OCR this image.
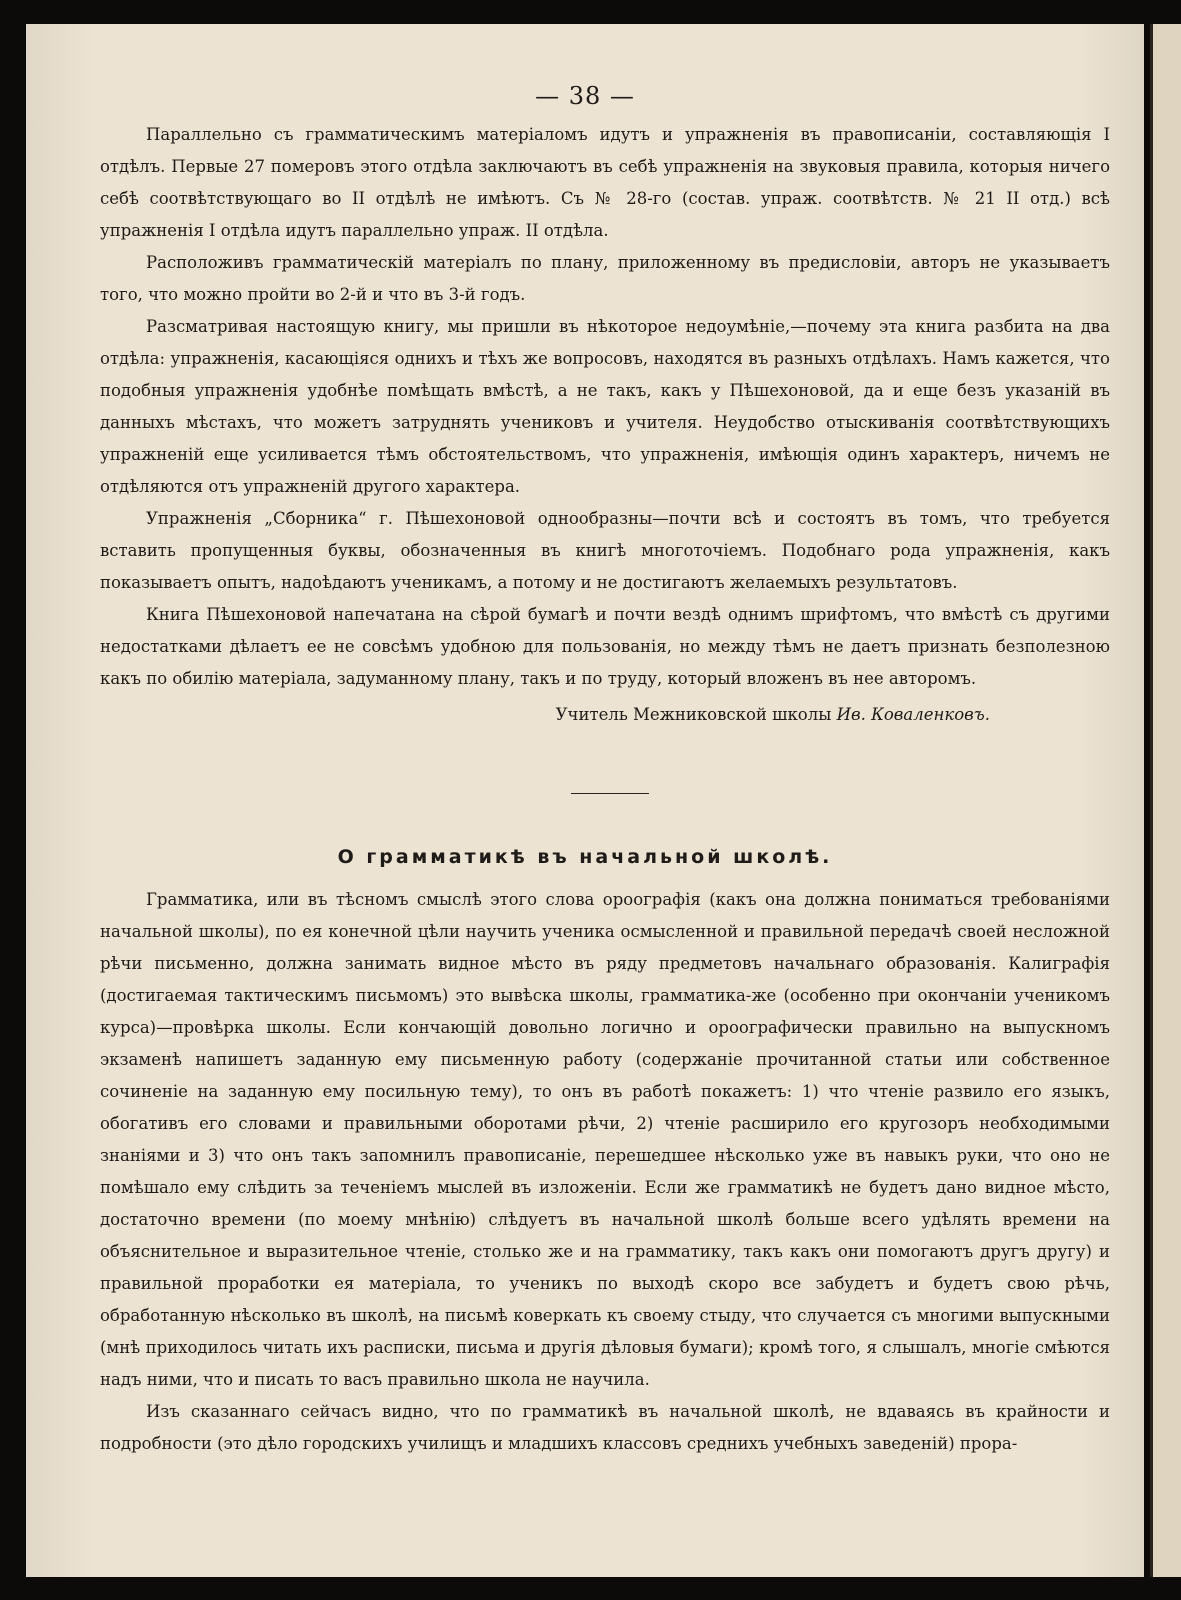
— 38 —

Параллельно съ грамматическимъ матеріаломъ идутъ и упражненія въ правописаніи, составляющія I отдѣлъ. Первые 27 померовъ этого отдѣла заключаютъ въ себѣ упражненія на звуковыя правила, которыя ничего себѣ соотвѣтствующаго во II отдѣлѣ не имѣютъ. Съ № 28-го (состав. упраж. соотвѣтств. № 21 II отд.) всѣ упражненія I отдѣла идутъ параллельно упраж. II отдѣла.

Расположивъ грамматическій матеріалъ по плану, приложенному въ предисловіи, авторъ не указываетъ того, что можно пройти во 2-й и что въ 3-й годъ.

Разсматривая настоящую книгу, мы пришли въ нѣкоторое недоумѣніе,—почему эта книга разбита на два отдѣла: упражненія, касающіяся однихъ и тѣхъ же вопросовъ, находятся въ разныхъ отдѣлахъ. Намъ кажется, что подобныя упражненія удобнѣе помѣщать вмѣстѣ, а не такъ, какъ у Пѣшехоновой, да и еще безъ указаній въ данныхъ мѣстахъ, что можетъ затруднять учениковъ и учителя. Неудобство отыскиванія соотвѣтствующихъ упражненій еще усиливается тѣмъ обстоятельствомъ, что упражненія, имѣющія одинъ характеръ, ничемъ не отдѣляются отъ упражненій другого характера.

Упражненія „Сборника“ г. Пѣшехоновой однообразны—почти всѣ и состоятъ въ томъ, что требуется вставить пропущенныя буквы, обозначенныя въ книгѣ многоточіемъ. Подобнаго рода упражненія, какъ показываетъ опытъ, надоѣдаютъ ученикамъ, а потому и не достигаютъ желаемыхъ результатовъ.

Книга Пѣшехоновой напечатана на сѣрой бумагѣ и почти вездѣ однимъ шрифтомъ, что вмѣстѣ съ другими недостатками дѣлаетъ ее не совсѣмъ удобною для пользованія, но между тѣмъ не даетъ признать безполезною какъ по обилію матеріала, задуманному плану, такъ и по труду, который вложенъ въ нее авторомъ.

Учитель Межниковской школы Ив. Коваленковъ.

О грамматикѣ въ начальной школѣ.

Грамматика, или въ тѣсномъ смыслѣ этого слова ороографія (какъ она должна пониматься требованіями начальной школы), по ея конечной цѣли научить ученика осмысленной и правильной передачѣ своей несложной рѣчи письменно, должна занимать видное мѣсто въ ряду предметовъ начальнаго образованія. Калиграфія (достигаемая тактическимъ письмомъ) это вывѣска школы, грамматика-же (особенно при окончаніи ученикомъ курса)—провѣрка школы. Если кончающій довольно логично и ороографически правильно на выпускномъ экзаменѣ напишетъ заданную ему письменную работу (содержаніе прочитанной статьи или собственное сочиненіе на заданную ему посильную тему), то онъ въ работѣ покажетъ: 1) что чтеніе развило его языкъ, обогативъ его словами и правильными оборотами рѣчи, 2) чтеніе расширило его кругозоръ необходимыми знаніями и 3) что онъ такъ запомнилъ правописаніе, перешедшее нѣсколько уже въ навыкъ руки, что оно не помѣшало ему слѣдить за теченіемъ мыслей въ изложеніи. Если же грамматикѣ не будетъ дано видное мѣсто, достаточно времени (по моему мнѣнію) слѣдуетъ въ начальной школѣ больше всего удѣлять времени на объяснительное и выразительное чтеніе, столько же и на грамматику, такъ какъ они помогаютъ другъ другу) и правильной проработки ея матеріала, то ученикъ по выходѣ скоро все забудетъ и будетъ свою рѣчь, обработанную нѣсколько въ школѣ, на письмѣ коверкать къ своему стыду, что случается съ многими выпускными (мнѣ приходилось читать ихъ расписки, письма и другія дѣловыя бумаги); кромѣ того, я слышалъ, многіе смѣются надъ ними, что и писать то васъ правильно школа не научила.

Изъ сказаннаго сейчасъ видно, что по грамматикѣ въ начальной школѣ, не вдаваясь въ крайности и подробности (это дѣло городскихъ училищъ и младшихъ классовъ среднихъ учебныхъ заведеній) прора-
